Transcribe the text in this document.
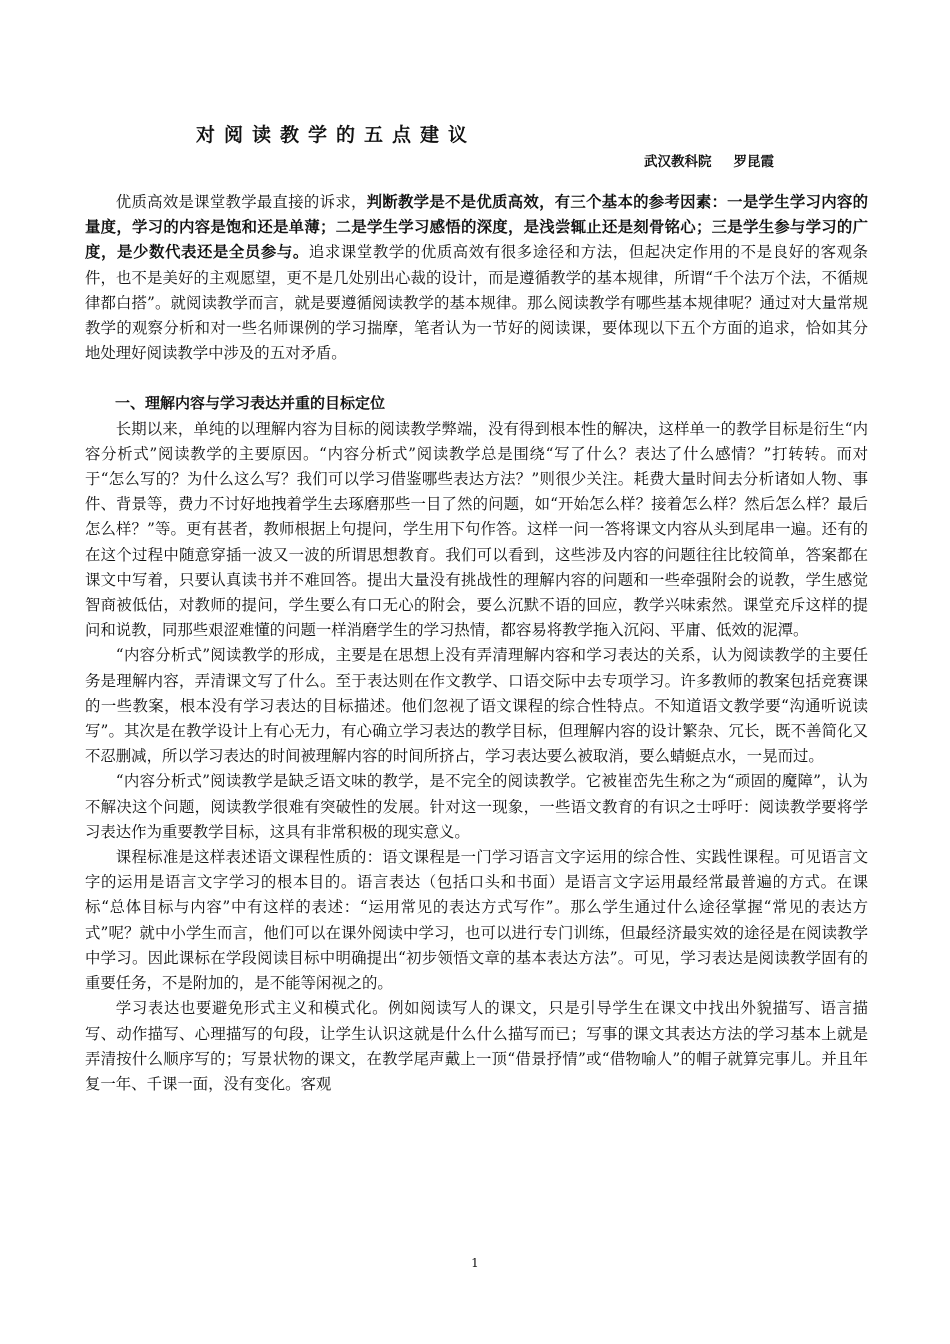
对阅读教学的五点建议
武汉教科院 罗昆霞

优质高效是课堂教学最直接的诉求，判断教学是不是优质高效，有三个基本的参考因素：一是学生学习内容的量度，学习的内容是饱和还是单薄；二是学生学习感悟的深度，是浅尝辄止还是刻骨铭心；三是学生参与学习的广度，是少数代表还是全员参与。追求课堂教学的优质高效有很多途径和方法，但起决定作用的不是良好的客观条件，也不是美好的主观愿望，更不是几处别出心裁的设计，而是遵循教学的基本规律，所谓“千个法万个法，不循规律都白搭”。就阅读教学而言，就是要遵循阅读教学的基本规律。那么阅读教学有哪些基本规律呢？通过对大量常规教学的观察分析和对一些名师课例的学习揣摩，笔者认为一节好的阅读课，要体现以下五个方面的追求，恰如其分地处理好阅读教学中涉及的五对矛盾。

一、理解内容与学习表达并重的目标定位

长期以来，单纯的以理解内容为目标的阅读教学弊端，没有得到根本性的解决，这样单一的教学目标是衍生“内容分析式”阅读教学的主要原因。“内容分析式”阅读教学总是围绕“写了什么？表达了什么感情？”打转转。而对于“怎么写的？为什么这么写？我们可以学习借鉴哪些表达方法？”则很少关注。耗费大量时间去分析诸如人物、事件、背景等，费力不讨好地拽着学生去琢磨那些一目了然的问题，如“开始怎么样？接着怎么样？然后怎么样？最后怎么样？”等。更有甚者，教师根据上句提问，学生用下句作答。这样一问一答将课文内容从头到尾串一遍。还有的在这个过程中随意穿插一波又一波的所谓思想教育。我们可以看到，这些涉及内容的问题往往比较简单，答案都在课文中写着，只要认真读书并不难回答。提出大量没有挑战性的理解内容的问题和一些牵强附会的说教，学生感觉智商被低估，对教师的提问，学生要么有口无心的附会，要么沉默不语的回应，教学兴味索然。课堂充斥这样的提问和说教，同那些艰涩难懂的问题一样消磨学生的学习热情，都容易将教学拖入沉闷、平庸、低效的泥潭。

“内容分析式”阅读教学的形成，主要是在思想上没有弄清理解内容和学习表达的关系，认为阅读教学的主要任务是理解内容，弄清课文写了什么。至于表达则在作文教学、口语交际中去专项学习。许多教师的教案包括竞赛课的一些教案，根本没有学习表达的目标描述。他们忽视了语文课程的综合性特点。不知道语文教学要“沟通听说读写”。其次是在教学设计上有心无力，有心确立学习表达的教学目标，但理解内容的设计繁杂、冗长，既不善简化又不忍删减，所以学习表达的时间被理解内容的时间所挤占，学习表达要么被取消，要么蜻蜓点水，一晃而过。

“内容分析式”阅读教学是缺乏语文味的教学，是不完全的阅读教学。它被崔峦先生称之为“顽固的魔障”，认为不解决这个问题，阅读教学很难有突破性的发展。针对这一现象，一些语文教育的有识之士呼吁：阅读教学要将学习表达作为重要教学目标，这具有非常积极的现实意义。

课程标准是这样表述语文课程性质的：语文课程是一门学习语言文字运用的综合性、实践性课程。可见语言文字的运用是语言文字学习的根本目的。语言表达（包括口头和书面）是语言文字运用最经常最普遍的方式。在课标“总体目标与内容”中有这样的表述：“运用常见的表达方式写作”。那么学生通过什么途径掌握“常见的表达方式”呢？就中小学生而言，他们可以在课外阅读中学习，也可以进行专门训练，但最经济最实效的途径是在阅读教学中学习。因此课标在学段阅读目标中明确提出“初步领悟文章的基本表达方法”。可见，学习表达是阅读教学固有的重要任务，不是附加的，是不能等闲视之的。

学习表达也要避免形式主义和模式化。例如阅读写人的课文，只是引导学生在课文中找出外貌描写、语言描写、动作描写、心理描写的句段，让学生认识这就是什么什么描写而已；写事的课文其表达方法的学习基本上就是弄清按什么顺序写的；写景状物的课文，在教学尾声戴上一顶“借景抒情”或“借物喻人”的帽子就算完事儿。并且年复一年、千课一面，没有变化。客观

1
